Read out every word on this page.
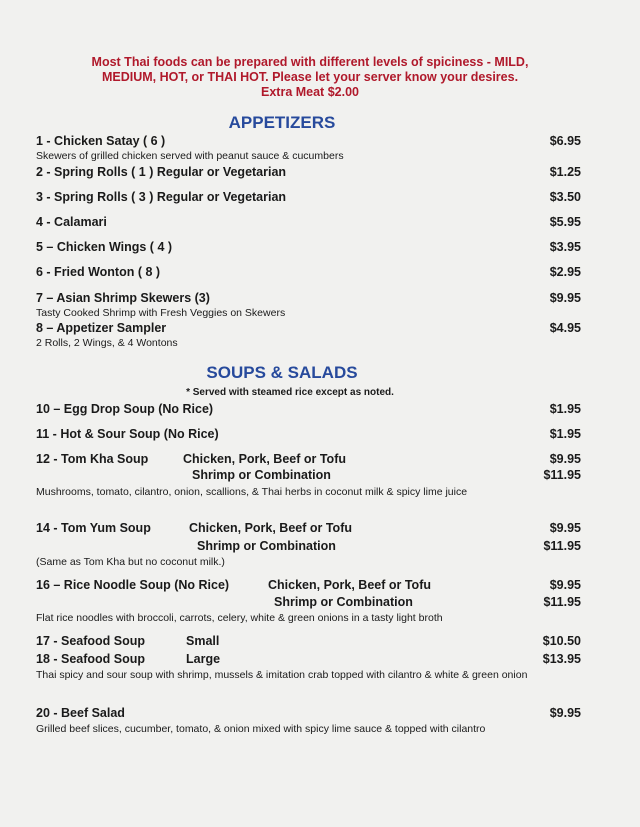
Most Thai foods can be prepared with different levels of spiciness - MILD,
MEDIUM, HOT, or THAI HOT. Please let your server know your desires.
Extra Meat $2.00
APPETIZERS
1 - Chicken Satay ( 6 )	$6.95
Skewers of grilled chicken served with peanut sauce & cucumbers
2 - Spring Rolls ( 1 ) Regular or Vegetarian	$1.25
3 - Spring Rolls ( 3 ) Regular or Vegetarian	$3.50
4 - Calamari	$5.95
5 – Chicken Wings ( 4 )	$3.95
6 - Fried Wonton ( 8 )	$2.95
7 – Asian Shrimp Skewers (3)	$9.95
Tasty Cooked Shrimp with Fresh Veggies on Skewers
8 – Appetizer Sampler	$4.95
2 Rolls, 2 Wings, & 4 Wontons
SOUPS & SALADS
* Served with steamed rice except as noted.
10 – Egg Drop Soup (No Rice)	$1.95
11 - Hot & Sour Soup (No Rice)	$1.95
12 - Tom Kha Soup	Chicken, Pork, Beef or Tofu	$9.95
Shrimp or Combination	$11.95
Mushrooms, tomato, cilantro, onion, scallions, & Thai herbs in coconut milk & spicy lime juice
14 - Tom Yum Soup	Chicken, Pork, Beef or Tofu	$9.95
Shrimp or Combination	$11.95
(Same as Tom Kha but no coconut milk.)
16 – Rice Noodle Soup (No Rice)	Chicken, Pork, Beef or Tofu	$9.95
Shrimp or Combination	$11.95
Flat rice noodles with broccoli, carrots, celery, white & green onions in a tasty light broth
17 - Seafood Soup	Small	$10.50
18 - Seafood Soup	Large	$13.95
Thai spicy and sour soup with shrimp, mussels & imitation crab topped with cilantro & white & green onion
20 - Beef Salad	$9.95
Grilled beef slices, cucumber, tomato, & onion mixed with spicy lime sauce & topped with cilantro
